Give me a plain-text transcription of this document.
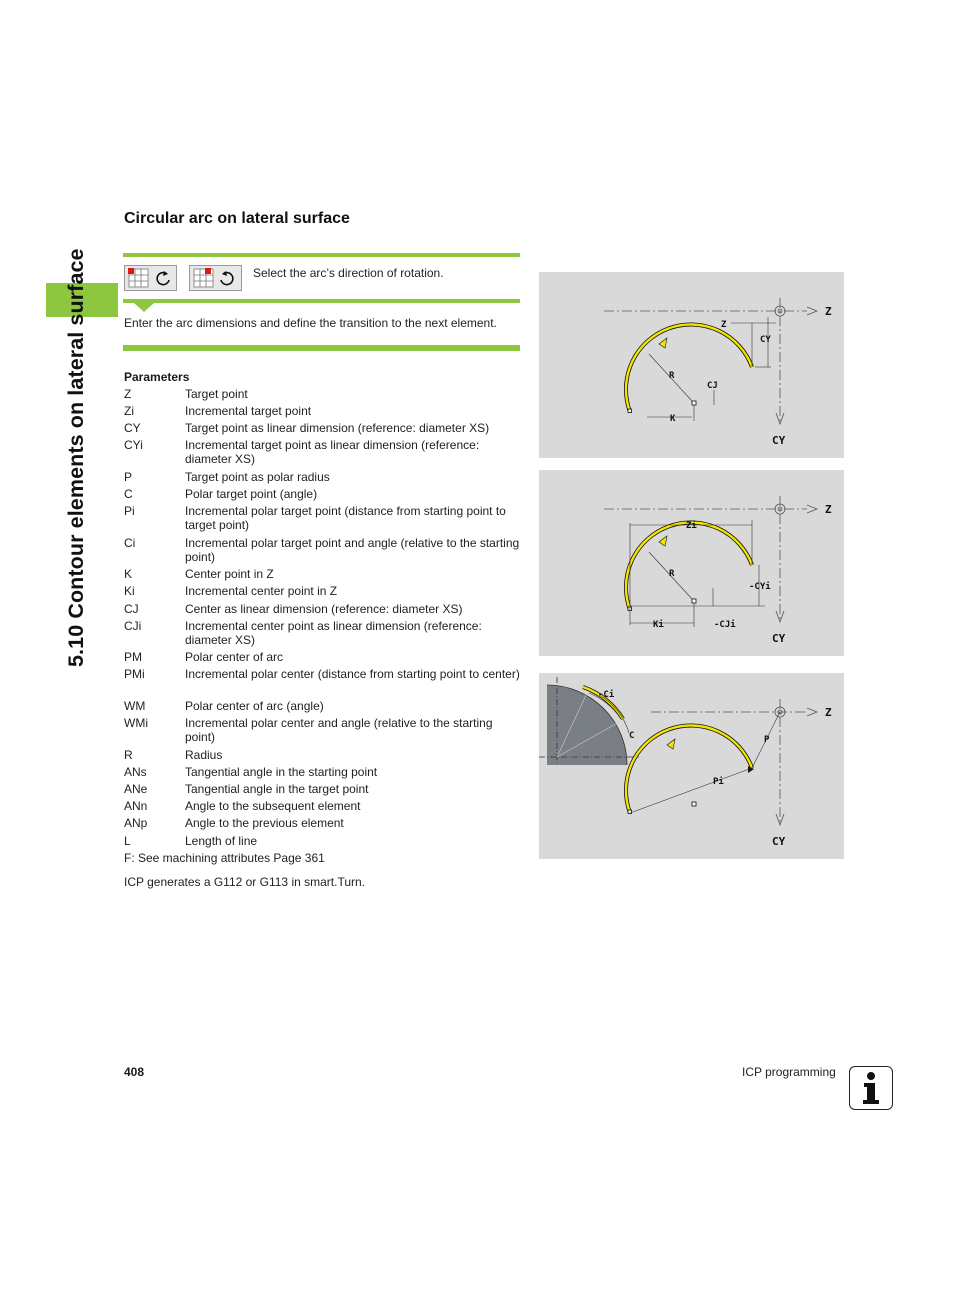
5.10 Contour elements on lateral surface
Circular arc on lateral surface
Select the arc’s direction of rotation.
Enter the arc dimensions and define the transition to the next element.
Parameters
Z	Target point
Zi	Incremental target point
CY	Target point as linear dimension (reference: diameter XS)
CYi	Incremental target point as linear dimension (reference: diameter XS)
P	Target point as polar radius
C	Polar target point (angle)
Pi	Incremental polar target point (distance from starting point to target point)
Ci	Incremental polar target point and angle (relative to the starting point)
K	Center point in Z
Ki	Incremental center point in Z
CJ	Center as linear dimension (reference: diameter XS)
CJi	Incremental center point as linear dimension (reference: diameter XS)
PM	Polar center of arc
PMi	Incremental polar center (distance from starting point to center)
WM	Polar center of arc (angle)
WMi	Incremental polar center and angle (relative to the starting point)
R	Radius
ANs	Tangential angle in the starting point
ANe	Tangential angle in the target point
ANn	Angle to the subsequent element
ANp	Angle to the previous element
L	Length of line
F: See machining attributes Page 361
ICP generates a G112 or G113 in smart.Turn.
Z
CY
Z
CY
R
CJ
K
Z
CY
Zi
R
-CYi
Ki	-CJi
-Ci
C
Z
CY
P
Pi
408	ICP programming
